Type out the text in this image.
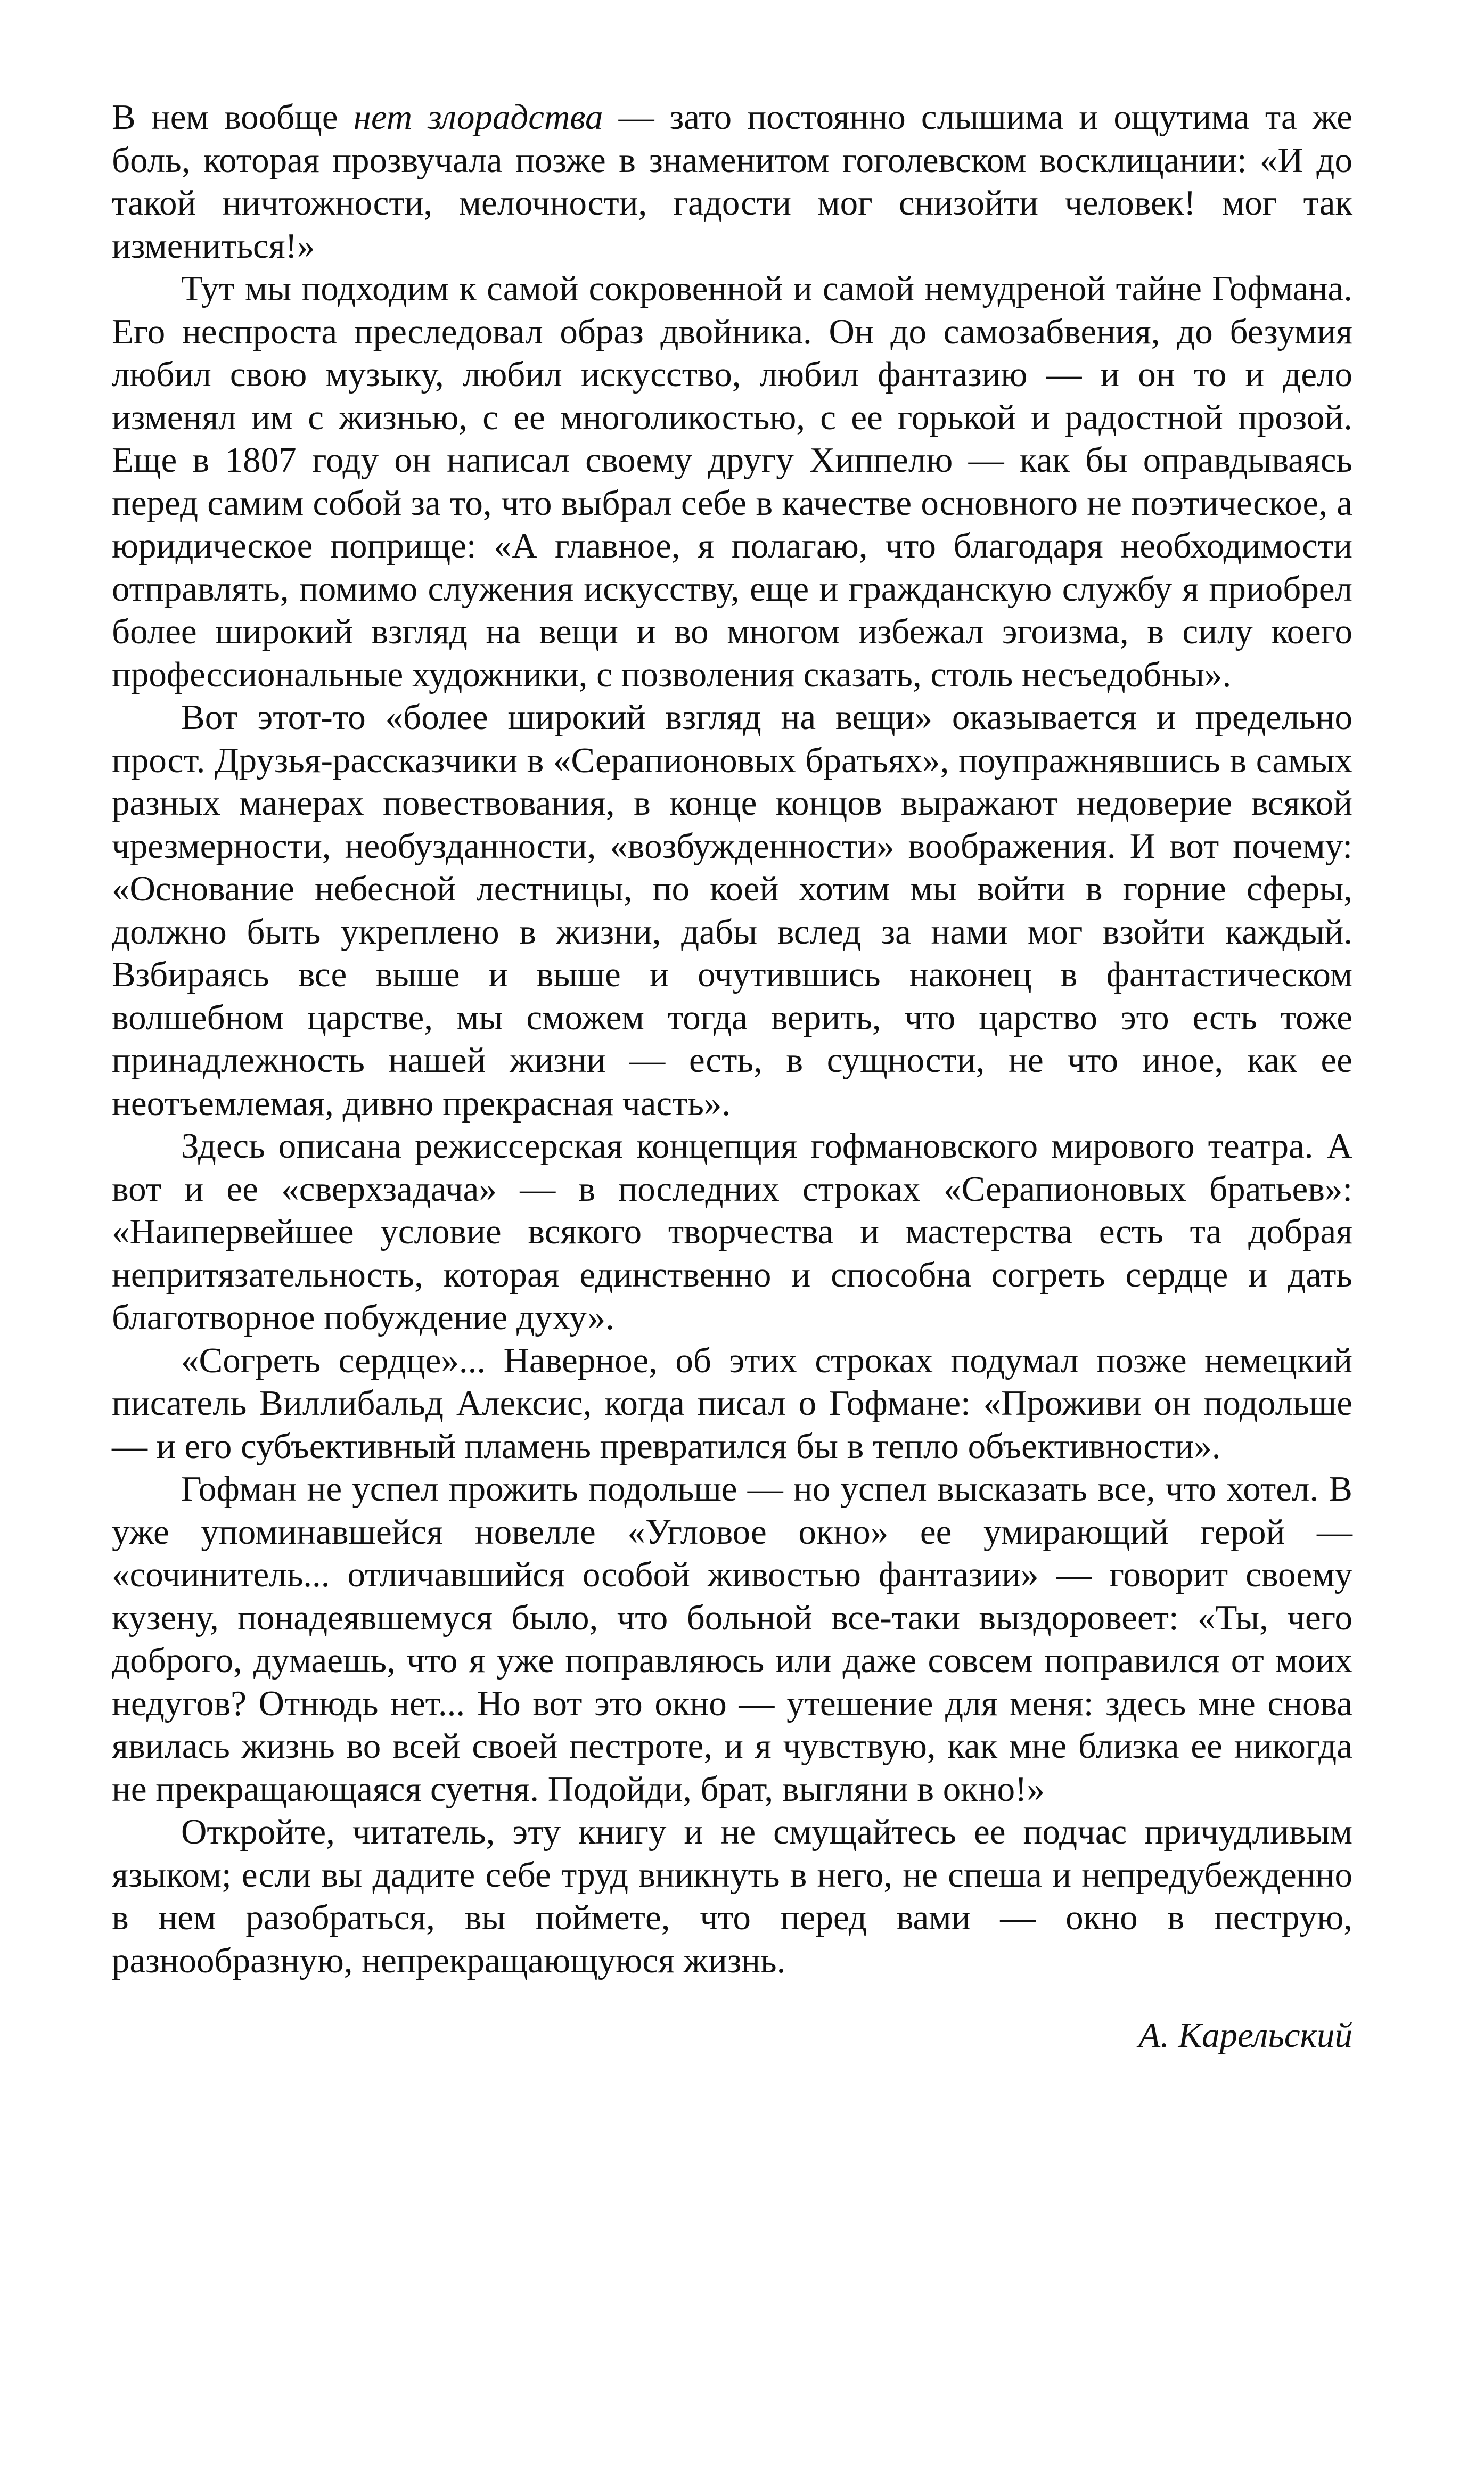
В нем вообще нет злорадства — зато постоянно слышима и ощутима та же боль, которая прозвучала позже в знаменитом гоголевском восклицании: «И до такой ничтожности, мелочности, гадости мог снизойти человек! мог так измениться!»

Тут мы подходим к самой сокровенной и самой немудреной тайне Гофмана. Его неспроста преследовал образ двойника. Он до самозабвения, до безумия любил свою музыку, любил искусство, любил фантазию — и он то и дело изменял им с жизнью, с ее многоликостью, с ее горькой и радостной прозой. Еще в 1807 году он написал своему другу Хиппелю — как бы оправдываясь перед самим собой за то, что выбрал себе в качестве основного не поэтическое, а юридическое поприще: «А главное, я полагаю, что благодаря необходимости отправлять, помимо служения искусству, еще и гражданскую службу я приобрел более широкий взгляд на вещи и во многом избежал эгоизма, в силу коего профессиональные художники, с позволения сказать, столь несъедобны».

Вот этот-то «более широкий взгляд на вещи» оказывается и предельно прост. Друзья-рассказчики в «Серапионовых братьях», поупражнявшись в самых разных манерах повествования, в конце концов выражают недоверие всякой чрезмерности, необузданности, «возбужденности» воображения. И вот почему: «Основание небесной лестницы, по коей хотим мы войти в горние сферы, должно быть укреплено в жизни, дабы вслед за нами мог взойти каждый. Взбираясь все выше и выше и очутившись наконец в фантастическом волшебном царстве, мы сможем тогда верить, что царство это есть тоже принадлежность нашей жизни — есть, в сущности, не что иное, как ее неотъемлемая, дивно прекрасная часть».

Здесь описана режиссерская концепция гофмановского мирового театра. А вот и ее «сверхзадача» — в последних строках «Серапионовых братьев»: «Наипервейшее условие всякого творчества и мастерства есть та добрая непритязательность, которая единственно и способна согреть сердце и дать благотворное побуждение духу».

«Согреть сердце»... Наверное, об этих строках подумал позже немецкий писатель Виллибальд Алексис, когда писал о Гофмане: «Проживи он подольше — и его субъективный пламень превратился бы в тепло объективности».

Гофман не успел прожить подольше — но успел высказать все, что хотел. В уже упоминавшейся новелле «Угловое окно» ее умирающий герой — «сочинитель... отличавшийся особой живостью фантазии» — говорит своему кузену, понадеявшемуся было, что больной все-таки выздоровеет: «Ты, чего доброго, думаешь, что я уже поправляюсь или даже совсем поправился от моих недугов? Отнюдь нет... Но вот это окно — утешение для меня: здесь мне снова явилась жизнь во всей своей пестроте, и я чувствую, как мне близка ее никогда не прекращающаяся суетня. Подойди, брат, выгляни в окно!»

Откройте, читатель, эту книгу и не смущайтесь ее подчас причудливым языком; если вы дадите себе труд вникнуть в него, не спеша и непредубежденно в нем разобраться, вы поймете, что перед вами — окно в пеструю, разнообразную, непрекращающуюся жизнь.

А. Карельский
